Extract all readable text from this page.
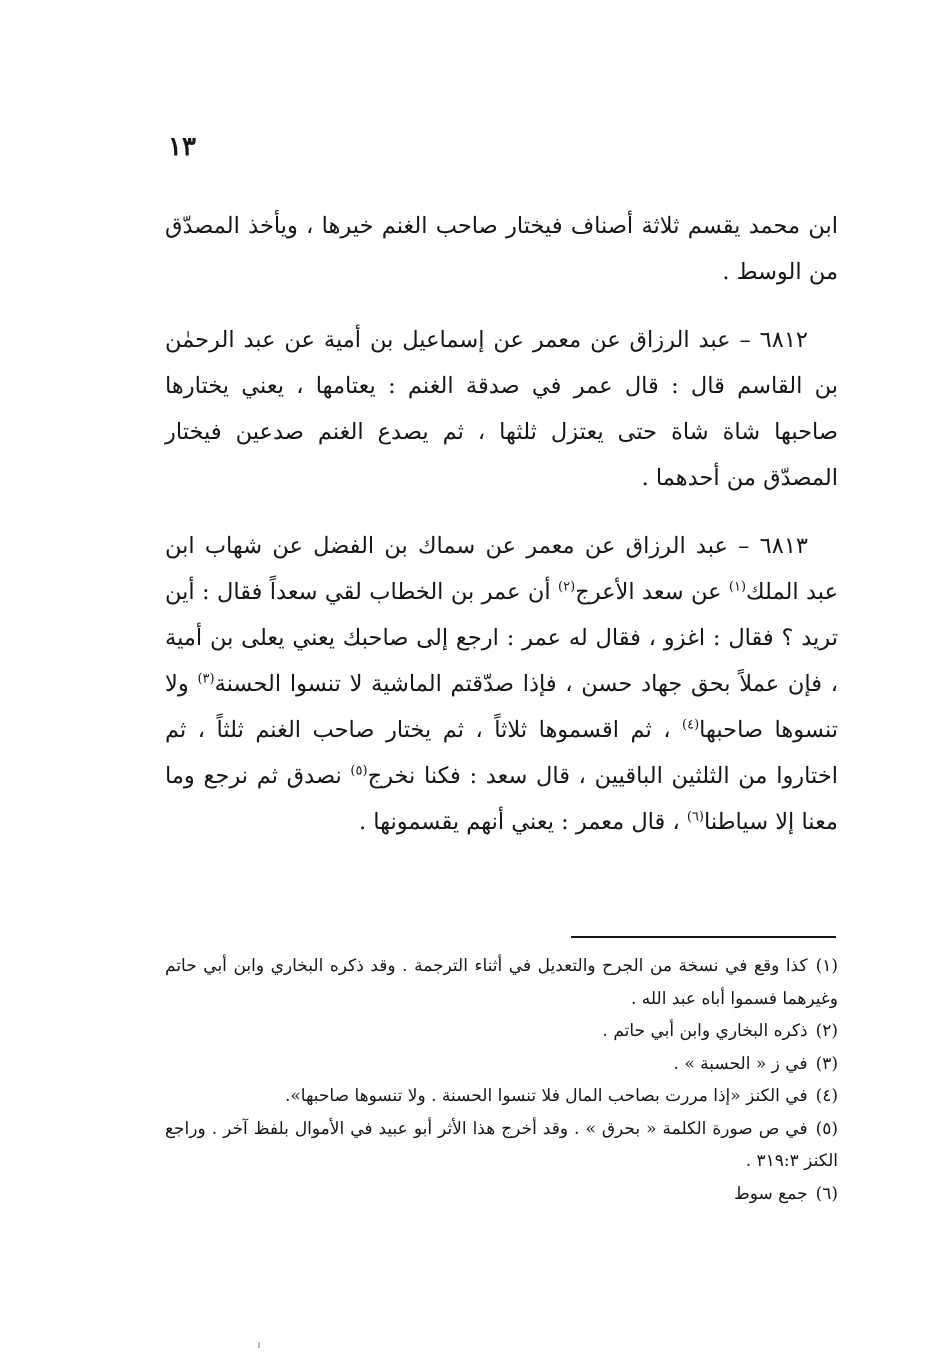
١٣

ابن محمد يقسم ثلاثة أصناف فيختار صاحب الغنم خيرها ، ويأخذ المصدّق من الوسط .

٦٨١٢ – عبد الرزاق عن معمر عن إسماعيل بن أمية عن عبد الرحمٰن بن القاسم قال : قال عمر في صدقة الغنم : يعتامها ، يعني يختارها صاحبها شاة شاة حتى يعتزل ثلثها ، ثم يصدع الغنم صدعين فيختار المصدّق من أحدهما .

٦٨١٣ – عبد الرزاق عن معمر عن سماك بن الفضل عن شهاب ابن عبد الملك$^{(١)}$ عن سعد الأعرج$^{(٢)}$ أن عمر بن الخطاب لقي سعداً فقال : أين تريد ؟ فقال : اغزو ، فقال له عمر : ارجع إلى صاحبك يعني يعلى بن أمية ، فإن عملاً بحق جهاد حسن ، فإذا صدّقتم الماشية لا تنسوا الحسنة$^{(٣)}$ ولا تنسوها صاحبها$^{(٤)}$ ، ثم اقسموها ثلاثاً ، ثم يختار صاحب الغنم ثلثاً ، ثم اختاروا من الثلثين الباقيين ، قال سعد : فكنا نخرج$^{(٥)}$ نصدق ثم نرجع وما معنا إلا سياطنا$^{(٦)}$ ، قال معمر : يعني أنهم يقسمونها .

(١)كذا وقع في نسخة من الجرح والتعديل في أثناء الترجمة . وقد ذكره البخاري وابن أبي حاتم وغيرهما فسموا أباه عبد الله .

(٢)ذكره البخاري وابن أبي حاتم .

(٣)في ز « الحسبة » .

(٤)في الكنز «إذا مررت بصاحب المال فلا تنسوا الحسنة . ولا تنسوها صاحبها».

(٥)في ص صورة الكلمة « بحرق » . وقد أخرج هذا الأثر أبو عبيد في الأموال بلفظ آخر . وراجع الكنز ٣١٩:٣ .

(٦)جمع سوط
